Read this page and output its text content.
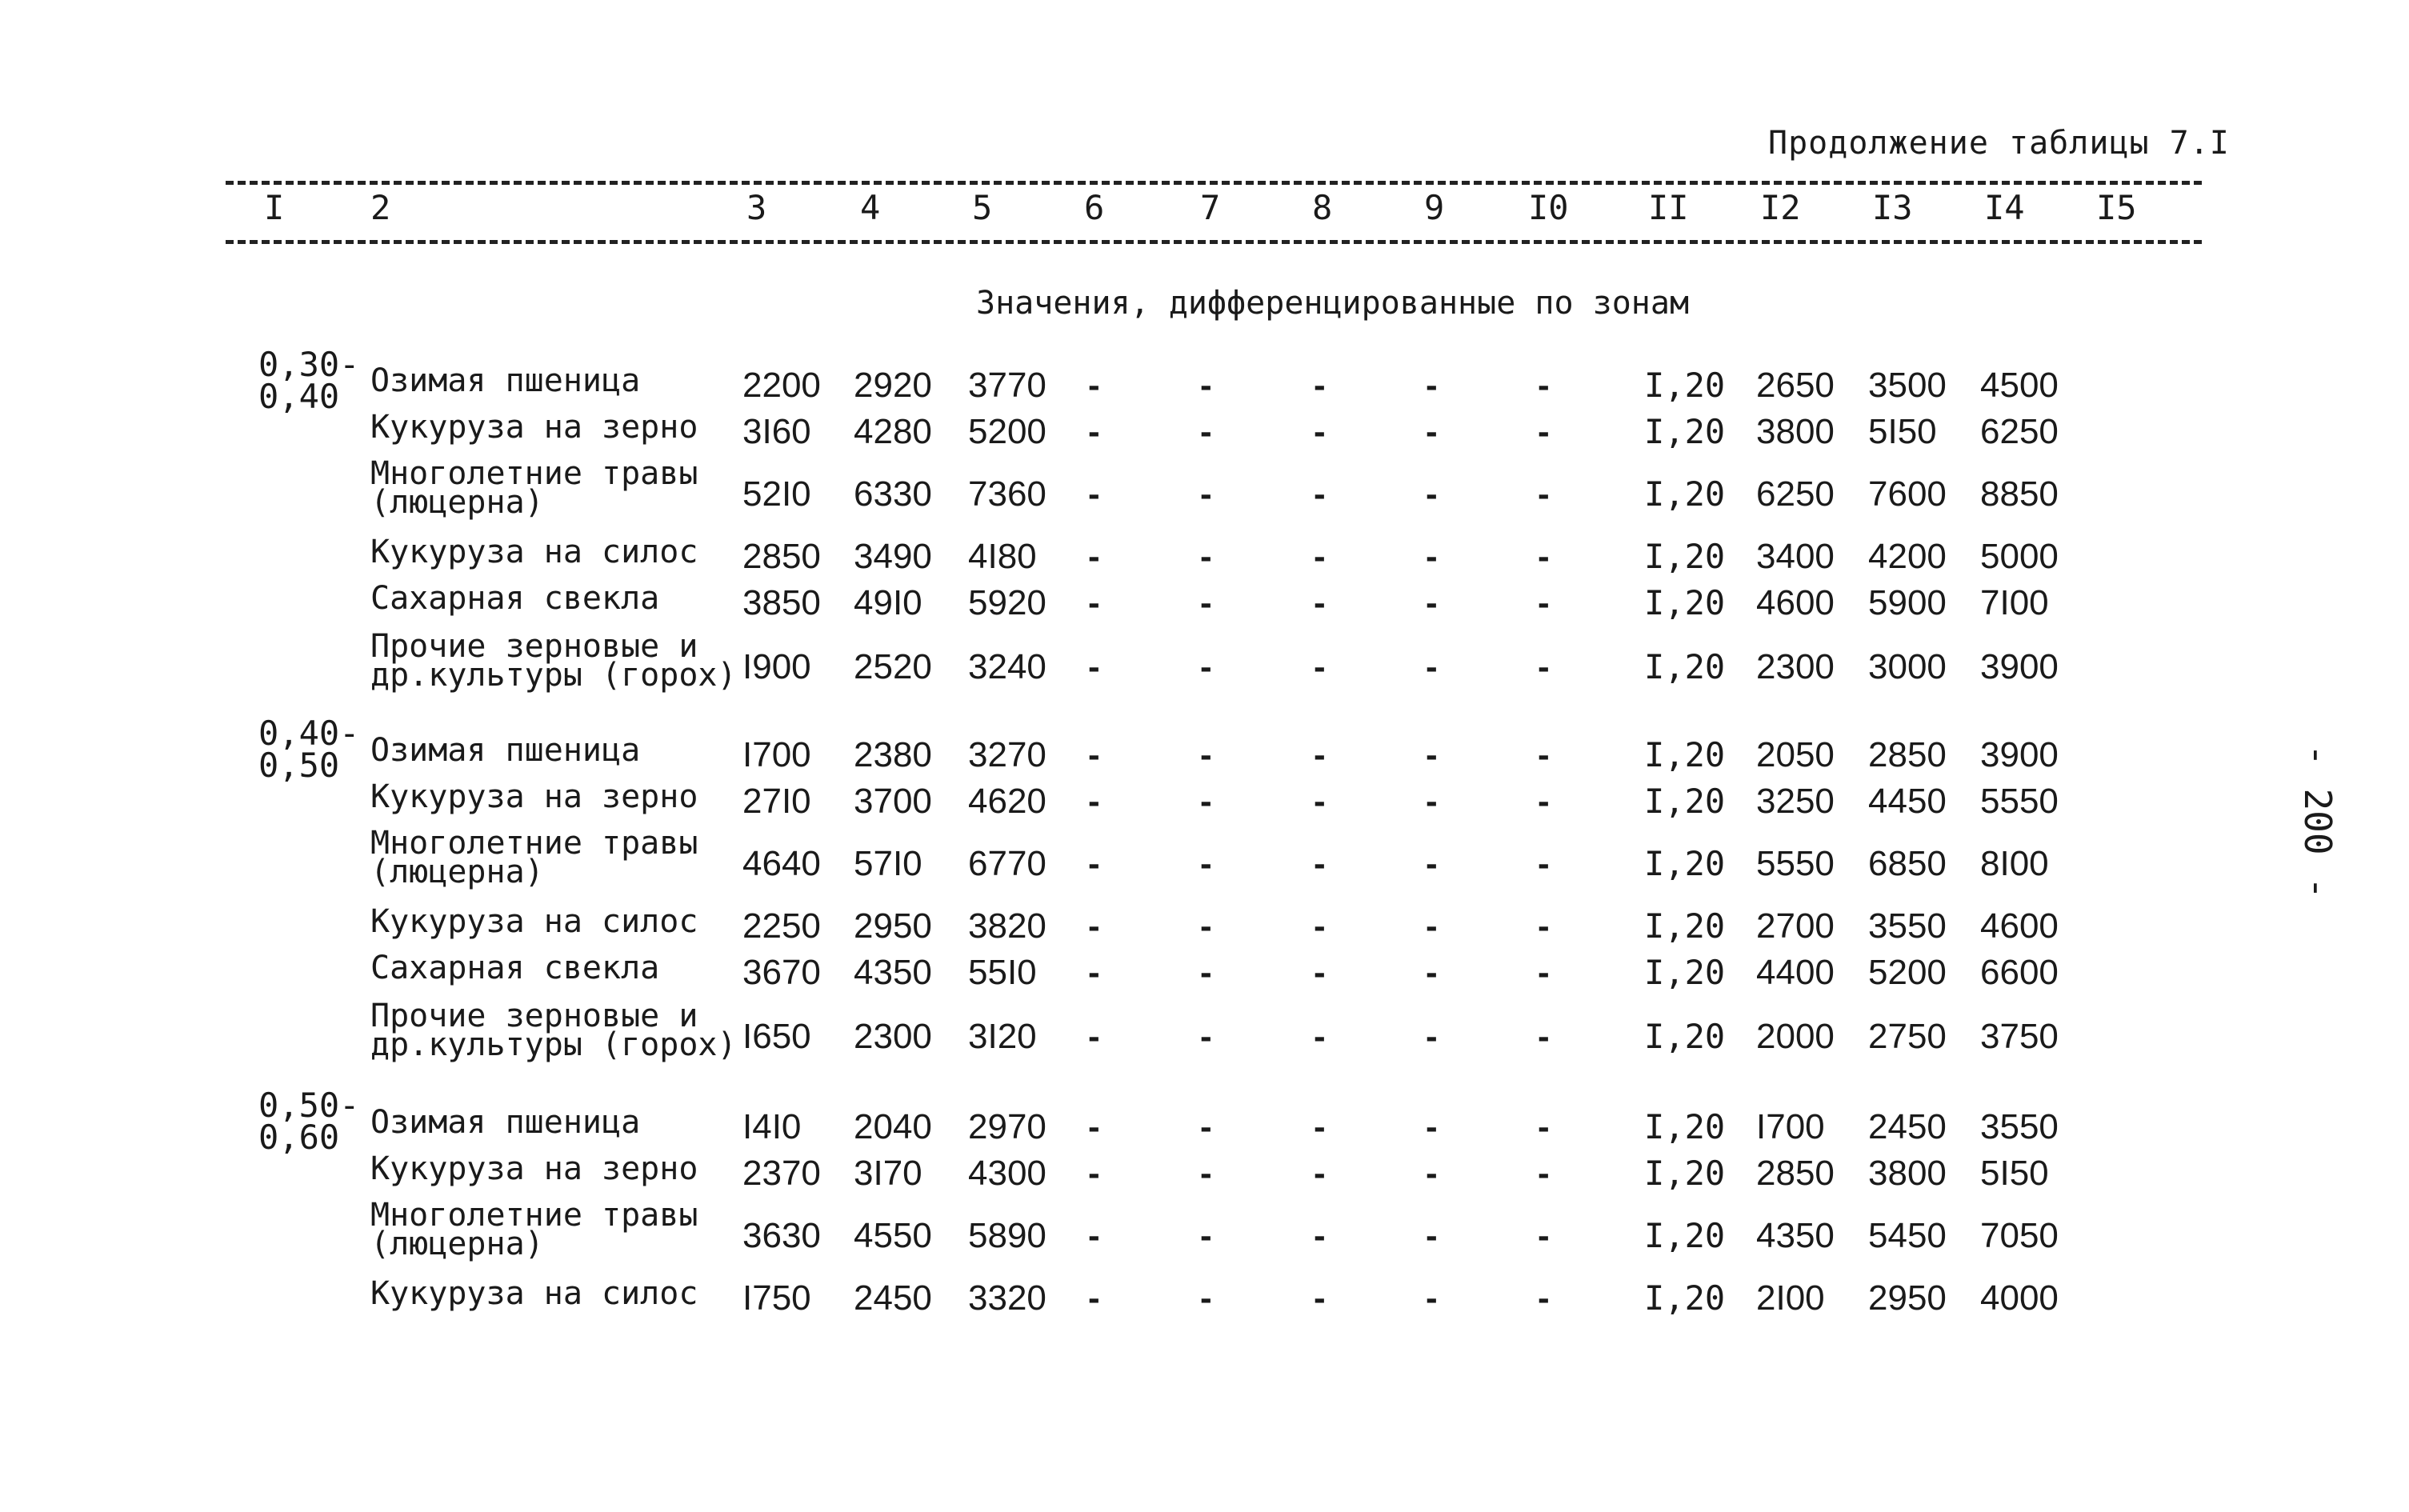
Продолжение таблицы 7.I
I	2	3	4	5	6	7	8	9 I0 II I2 I3 I4 I5
Значения, дифференцированные по зонам
0,30-
0,40 Озимая пшеница	2200 2920 3770 -	-	-	-	-	I,20 2650 3500 4500
Кукуруза на зерно 3I60 4280 5200 -	-	-	-	-	I,20 3800 5I50 6250
Многолетние травы
(люцерна)	52I0 6330 7360 -	-	-	-	-	I,20 6250 7600 8850
Кукуруза на силос 2850 3490 4I80 -	-	-	-	-	I,20 3400 4200 5000
Сахарная свекла 3850 49I0 5920 -	-	-	-	-	I,20 4600 5900 7I00
Прочие зерновые и
др.культуры (горох) I900 2520 3240 -	-	-	-	-	I,20 2300 3000 3900
0,40-
0,50 Озимая пшеница	I700 2380 3270 -	-	-	-	-	I,20 2050 2850 3900
Кукуруза на зерно 27I0 3700 4620 -	-	-	-	-	I,20 3250 4450 5550
Многолетние травы
(люцерна)	4640 57I0 6770 -	-	-	-	-	I,20 5550 6850 8I00
Кукуруза на силос 2250 2950 3820 -	-	-	-	-	I,20 2700 3550 4600
Сахарная свекла 3670 4350 55I0 -	-	-	-	-	I,20 4400 5200 6600
Прочие зерновые и
др.культуры (горох) I650 2300 3I20 -	-	-	-	-	I,20 2000 2750 3750
0,50-
0,60 Озимая пшеница	I4I0 2040 2970 -	-	-	-	-	I,20 I700 2450 3550
Кукуруза на зерно 2370 3I70 4300 -	-	-	-	-	I,20 2850 3800 5I50
Многолетние травы
(люцерна)	3630 4550 5890 -	-	-	-	-	I,20 4350 5450 7050
Кукуруза на силос I750 2450 3320 -	-	-	-	-	I,20 2I00 2950 4000
- 200 -
